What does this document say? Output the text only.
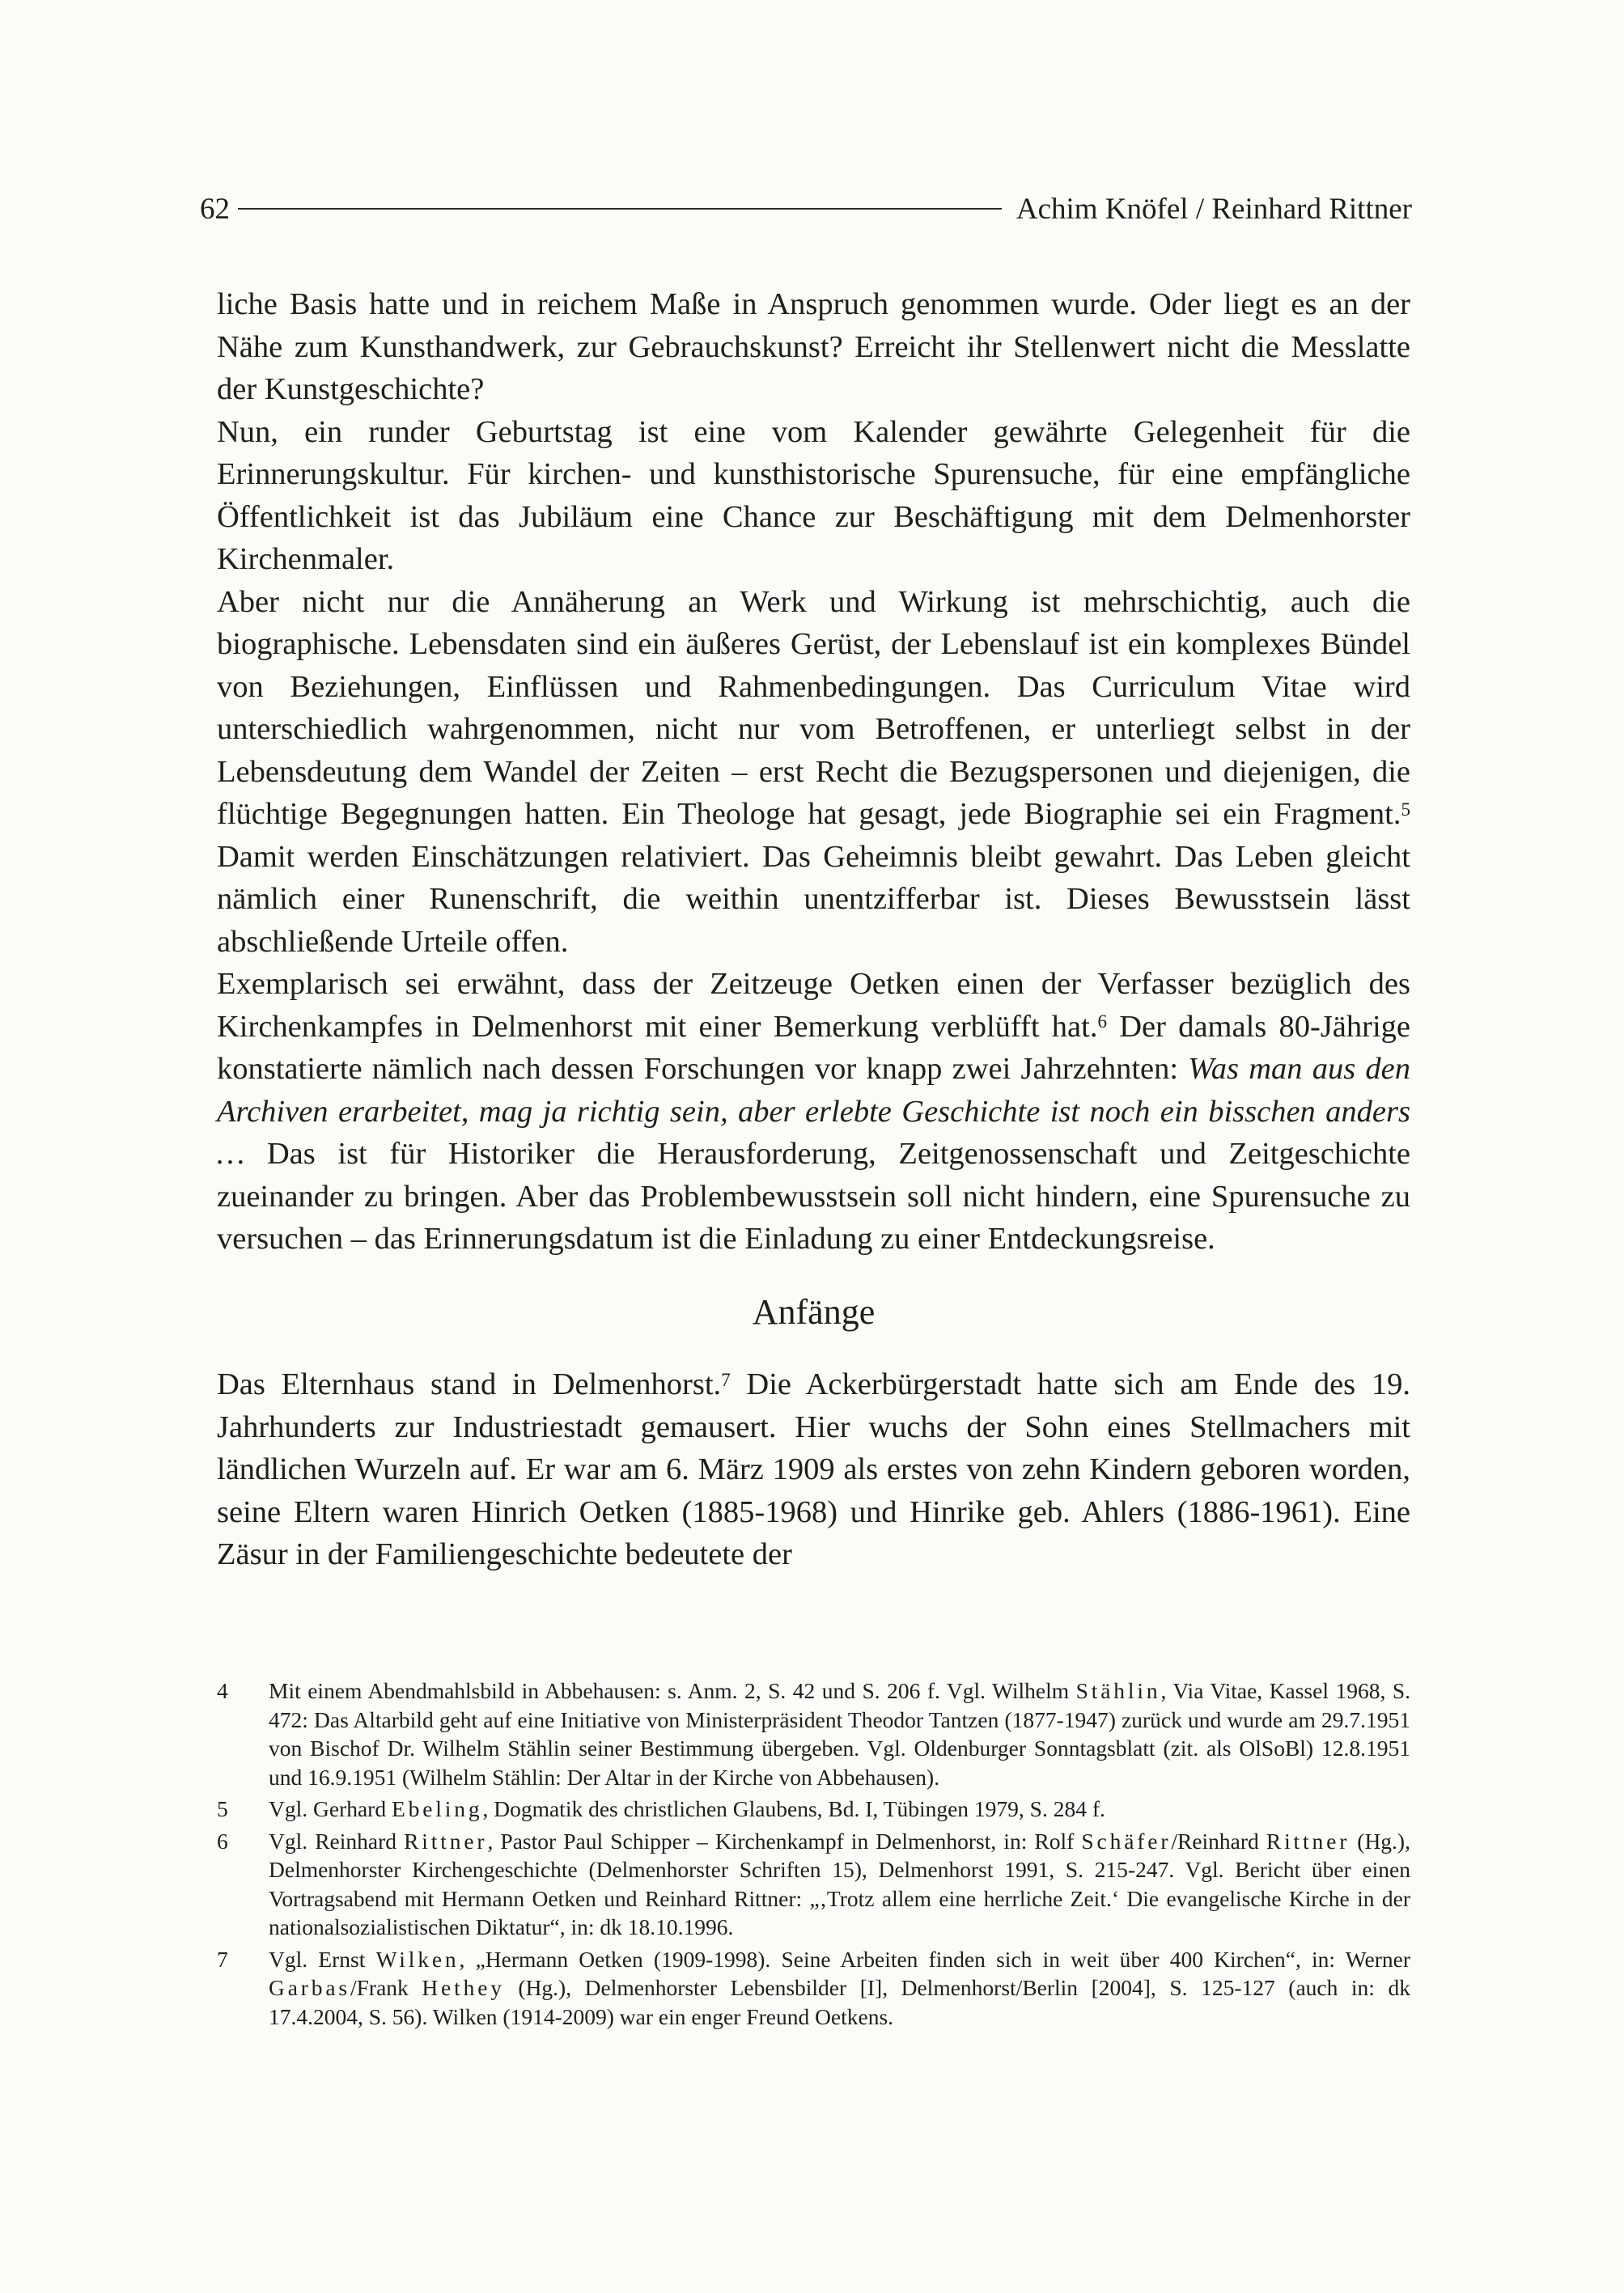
62	Achim Knöfel / Reinhard Rittner

liche Basis hatte und in reichem Maße in Anspruch genommen wurde. Oder liegt es an der Nähe zum Kunsthandwerk, zur Gebrauchskunst? Erreicht ihr Stellenwert nicht die Messlatte der Kunstgeschichte?

Nun, ein runder Geburtstag ist eine vom Kalender gewährte Gelegenheit für die Erinnerungskultur. Für kirchen- und kunsthistorische Spurensuche, für eine empfängliche Öffentlichkeit ist das Jubiläum eine Chance zur Beschäftigung mit dem Delmenhorster Kirchenmaler.

Aber nicht nur die Annäherung an Werk und Wirkung ist mehrschichtig, auch die biographische. Lebensdaten sind ein äußeres Gerüst, der Lebenslauf ist ein komplexes Bündel von Beziehungen, Einflüssen und Rahmenbedingungen. Das Curriculum Vitae wird unterschiedlich wahrgenommen, nicht nur vom Betroffenen, er unterliegt selbst in der Lebensdeutung dem Wandel der Zeiten – erst Recht die Bezugspersonen und diejenigen, die flüchtige Begegnungen hatten. Ein Theologe hat gesagt, jede Biographie sei ein Fragment.$^5$ Damit werden Einschätzungen relativiert. Das Geheimnis bleibt gewahrt. Das Leben gleicht nämlich einer Runenschrift, die weithin unentzifferbar ist. Dieses Bewusstsein lässt abschließende Urteile offen.

Exemplarisch sei erwähnt, dass der Zeitzeuge Oetken einen der Verfasser bezüglich des Kirchenkampfes in Delmenhorst mit einer Bemerkung verblüfft hat.$^6$ Der damals 80-Jährige konstatierte nämlich nach dessen Forschungen vor knapp zwei Jahrzehnten: Was man aus den Archiven erarbeitet, mag ja richtig sein, aber erlebte Geschichte ist noch ein bisschen anders … Das ist für Historiker die Herausforderung, Zeitgenossenschaft und Zeitgeschichte zueinander zu bringen. Aber das Problembewusstsein soll nicht hindern, eine Spurensuche zu versuchen – das Erinnerungsdatum ist die Einladung zu einer Entdeckungsreise.

Anfänge

Das Elternhaus stand in Delmenhorst.$^7$ Die Ackerbürgerstadt hatte sich am Ende des 19. Jahrhunderts zur Industriestadt gemausert. Hier wuchs der Sohn eines Stellmachers mit ländlichen Wurzeln auf. Er war am 6. März 1909 als erstes von zehn Kindern geboren worden, seine Eltern waren Hinrich Oetken (1885-1968) und Hinrike geb. Ahlers (1886-1961). Eine Zäsur in der Familiengeschichte bedeutete der

4	Mit einem Abendmahlsbild in Abbehausen: s. Anm. 2, S. 42 und S. 206 f. Vgl. Wilhelm Stählin, Via Vitae, Kassel 1968, S. 472: Das Altarbild geht auf eine Initiative von Ministerpräsident Theodor Tantzen (1877-1947) zurück und wurde am 29.7.1951 von Bischof Dr. Wilhelm Stählin seiner Bestimmung übergeben. Vgl. Oldenburger Sonntagsblatt (zit. als OlSoBl) 12.8.1951 und 16.9.1951 (Wilhelm Stählin: Der Altar in der Kirche von Abbehausen).
5	Vgl. Gerhard Ebeling, Dogmatik des christlichen Glaubens, Bd. I, Tübingen 1979, S. 284 f.
6	Vgl. Reinhard Rittner, Pastor Paul Schipper – Kirchenkampf in Delmenhorst, in: Rolf Schäfer/Reinhard Rittner (Hg.), Delmenhorster Kirchengeschichte (Delmenhorster Schriften 15), Delmenhorst 1991, S. 215-247. Vgl. Bericht über einen Vortragsabend mit Hermann Oetken und Reinhard Rittner: „‚Trotz allem eine herrliche Zeit.‘ Die evangelische Kirche in der nationalsozialistischen Diktatur“, in: dk 18.10.1996.
7	Vgl. Ernst Wilken, „Hermann Oetken (1909-1998). Seine Arbeiten finden sich in weit über 400 Kirchen“, in: Werner Garbas/Frank Hethey (Hg.), Delmenhorster Lebensbilder [I], Delmenhorst/Berlin [2004], S. 125-127 (auch in: dk 17.4.2004, S. 56). Wilken (1914-2009) war ein enger Freund Oetkens.
